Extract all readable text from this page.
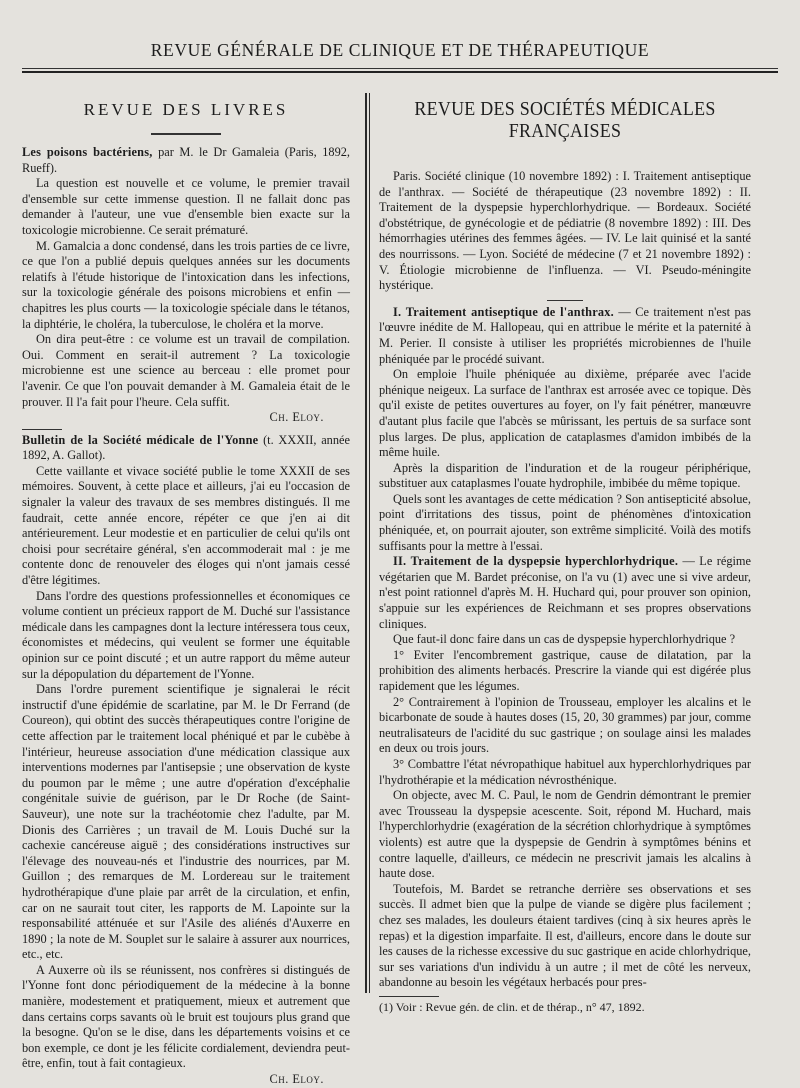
REVUE GÉNÉRALE DE CLINIQUE ET DE THÉRAPEUTIQUE
REVUE DES LIVRES

Les poisons bactériens, par M. le Dr Gamaleia (Paris, 1892, Rueff).

La question est nouvelle et ce volume, le premier travail d'ensemble sur cette immense question. Il ne fallait donc pas demander à l'auteur, une vue d'ensemble bien exacte sur la toxicologie microbienne. Ce serait prématuré.

M. Gamalcia a donc condensé, dans les trois parties de ce livre, ce que l'on a publié depuis quelques années sur les documents relatifs à l'étude historique de l'intoxication dans les infections, sur la toxicologie générale des poisons microbiens et enfin — chapitres les plus courts — la toxicologie spéciale dans le tétanos, la diphtérie, le choléra, la tuberculose, le choléra et la morve.

On dira peut-être : ce volume est un travail de compilation. Oui. Comment en serait-il autrement ? La toxicologie microbienne est une science au berceau : elle promet pour l'avenir. Ce que l'on pouvait demander à M. Gamaleia était de le prouver. Il l'a fait pour l'heure. Cela suffit.

Ch. Eloy.

Bulletin de la Société médicale de l'Yonne (t. XXXII, année 1892, A. Gallot).

Cette vaillante et vivace société publie le tome XXXII de ses mémoires. Souvent, à cette place et ailleurs, j'ai eu l'occasion de signaler la valeur des travaux de ses membres distingués. Il me faudrait, cette année encore, répéter ce que j'en ai dit antérieurement. Leur modestie et en particulier de celui qu'ils ont choisi pour secrétaire général, s'en accommoderait mal : je me contente donc de renouveler des éloges qui n'ont jamais cessé d'être légitimes.

Dans l'ordre des questions professionnelles et économiques ce volume contient un précieux rapport de M. Duché sur l'assistance médicale dans les campagnes dont la lecture intéressera tous ceux, économistes et médecins, qui veulent se former une équitable opinion sur ce point discuté ; et un autre rapport du même auteur sur la dépopulation du département de l'Yonne.

Dans l'ordre purement scientifique je signalerai le récit instructif d'une épidémie de scarlatine, par M. le Dr Ferrand (de Coureon), qui obtint des succès thérapeutiques contre l'origine de cette affection par le traitement local phéniqué et par le cubèbe à l'intérieur, heureuse association d'une médication classique aux interventions modernes par l'antisepsie ; une observation de kyste du poumon par le même ; une autre d'opération d'excéphalie congénitale suivie de guérison, par le Dr Roche (de Saint-Sauveur), une note sur la trachéotomie chez l'adulte, par M. Dionis des Carrières ; un travail de M. Louis Duché sur la cachexie cancéreuse aiguë ; des considérations instructives sur l'élevage des nouveau-nés et l'industrie des nourrices, par M. Guillon ; des remarques de M. Lordereau sur le traitement hydrothérapique d'une plaie par arrêt de la circulation, et enfin, car on ne saurait tout citer, les rapports de M. Lapointe sur la responsabilité atténuée et sur l'Asile des aliénés d'Auxerre en 1890 ; la note de M. Souplet sur le salaire à assurer aux nourrices, etc., etc.

A Auxerre où ils se réunissent, nos confrères si distingués de l'Yonne font donc périodiquement de la médecine à la bonne manière, modestement et pratiquement, mieux et autrement que dans certains corps savants où le bruit est toujours plus grand que la besogne. Qu'on se le dise, dans les départements voisins et ce bon exemple, ce dont je les félicite cordialement, deviendra peut-être, enfin, tout à fait contagieux.

Ch. Eloy.

REVUE DES SOCIÉTÉS MÉDICALES FRANÇAISES

Paris. Société clinique (10 novembre 1892) : I. Traitement antiseptique de l'anthrax. — Société de thérapeutique (23 novembre 1892) : II. Traitement de la dyspepsie hyperchlorhydrique. — Bordeaux. Société d'obstétrique, de gynécologie et de pédiatrie (8 novembre 1892) : III. Des hémorrhagies utérines des femmes âgées. — IV. Le lait quinisé et la santé des nourrissons. — Lyon. Société de médecine (7 et 21 novembre 1892) : V. Étiologie microbienne de l'influenza. — VI. Pseudo-méningite hystérique.

I. Traitement antiseptique de l'anthrax. — Ce traitement n'est pas l'œuvre inédite de M. Hallopeau, qui en attribue le mérite et la paternité à M. Perier. Il consiste à utiliser les propriétés microbiennes de l'huile phéniquée par le procédé suivant.

On emploie l'huile phéniquée au dixième, préparée avec l'acide phénique neigeux. La surface de l'anthrax est arrosée avec ce topique. Dès qu'il existe de petites ouvertures au foyer, on l'y fait pénétrer, manœuvre d'autant plus facile que l'abcès se mûrissant, les pertuis de sa surface sont plus larges. De plus, application de cataplasmes d'amidon imbibés de la même huile.

Après la disparition de l'induration et de la rougeur périphérique, substituer aux cataplasmes l'ouate hydrophile, imbibée du même topique.

Quels sont les avantages de cette médication ? Son antisepticité absolue, point d'irritations des tissus, point de phénomènes d'intoxication phéniquée, et, on pourrait ajouter, son extrême simplicité. Voilà des motifs suffisants pour la mettre à l'essai.

II. Traitement de la dyspepsie hyperchlorhydrique. — Le régime végétarien que M. Bardet préconise, on l'a vu (1) avec une si vive ardeur, n'est point rationnel d'après M. H. Huchard qui, pour prouver son opinion, s'appuie sur les expériences de Reichmann et ses propres observations cliniques.

Que faut-il donc faire dans un cas de dyspepsie hyperchlorhydrique ?

1° Eviter l'encombrement gastrique, cause de dilatation, par la prohibition des aliments herbacés. Prescrire la viande qui est digérée plus rapidement que les légumes.

2° Contrairement à l'opinion de Trousseau, employer les alcalins et le bicarbonate de soude à hautes doses (15, 20, 30 grammes) par jour, comme neutralisateurs de l'acidité du suc gastrique ; on soulage ainsi les malades en deux ou trois jours.

3° Combattre l'état névropathique habituel aux hyperchlorhydriques par l'hydrothérapie et la médication névrosthénique.

On objecte, avec M. C. Paul, le nom de Gendrin démontrant le premier avec Trousseau la dyspepsie acescente. Soit, répond M. Huchard, mais l'hyperchlorhydrie (exagération de la sécrétion chlorhydrique à symptômes violents) est autre que la dyspepsie de Gendrin à symptômes bénins et contre laquelle, d'ailleurs, ce médecin ne prescrivit jamais les alcalins à haute dose.

Toutefois, M. Bardet se retranche derrière ses observations et ses succès. Il admet bien que la pulpe de viande se digère plus facilement ; chez ses malades, les douleurs étaient tardives (cinq à six heures après le repas) et la digestion imparfaite. Il est, d'ailleurs, encore dans le doute sur les causes de la richesse excessive du suc gastrique en acide chlorhydrique, sur ses variations d'un individu à un autre ; il met de côté les nerveux, abandonne au besoin les végétaux herbacés pour pres-

(1) Voir : Revue gén. de clin. et de thérap., n° 47, 1892.
